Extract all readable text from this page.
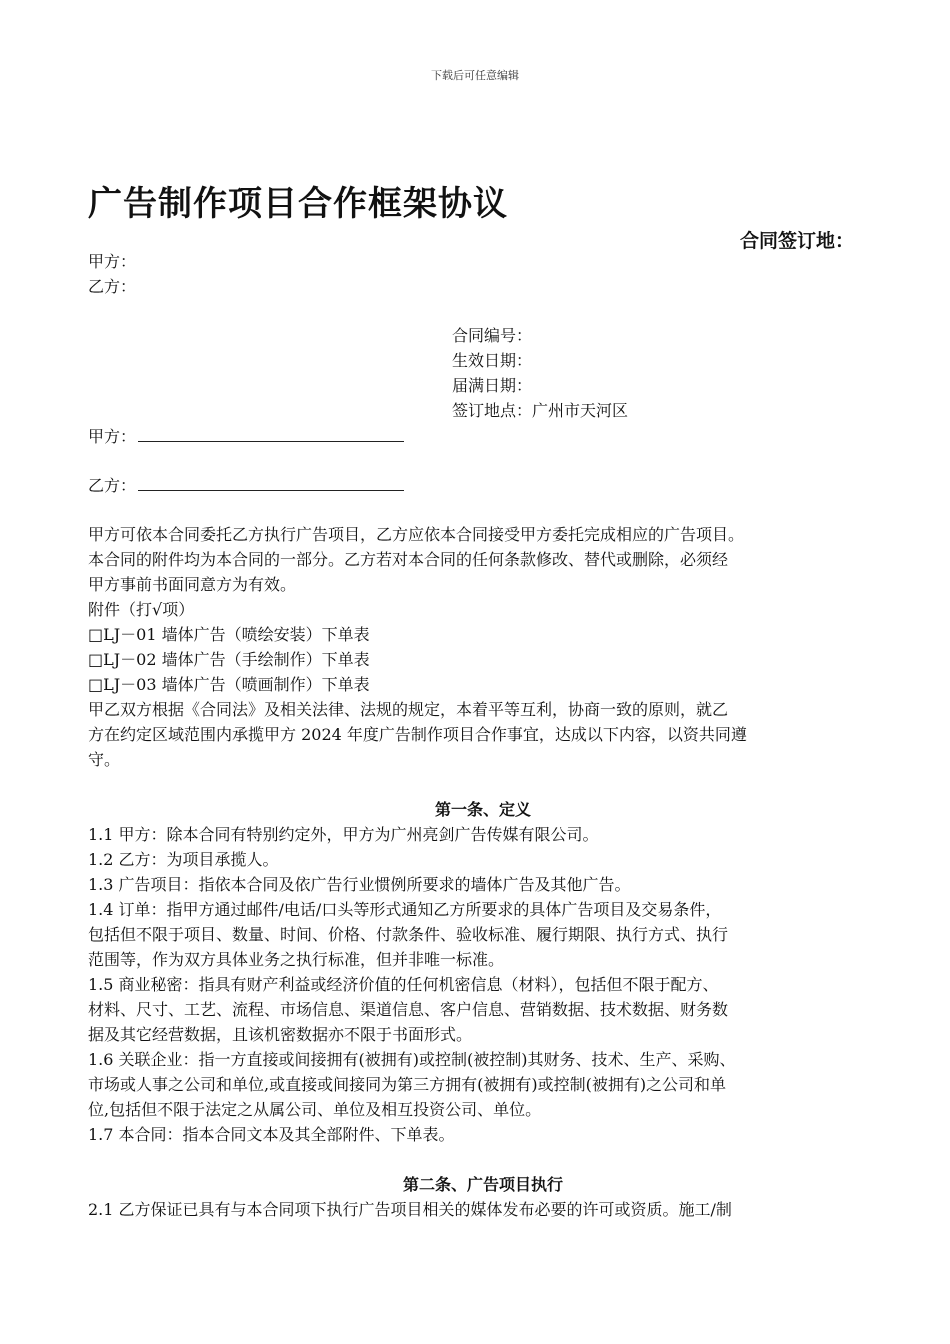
下载后可任意编辑
广告制作项目合作框架协议
合同签订地：
甲方：
乙方：
合同编号：
生效日期：
届满日期：
签订地点：广州市天河区
甲方：
乙方：

甲方可依本合同委托乙方执行广告项目，乙方应依本合同接受甲方委托完成相应的广告项目。

本合同的附件均为本合同的一部分。乙方若对本合同的任何条款修改、替代或删除，必须经

甲方事前书面同意方为有效。

附件（打√项）

□LJ－01 墙体广告（喷绘安装）下单表

□LJ－02 墙体广告（手绘制作）下单表

□LJ－03 墙体广告（喷画制作）下单表

甲乙双方根据《合同法》及相关法律、法规的规定，本着平等互利，协商一致的原则，就乙

方在约定区域范围内承揽甲方 2024 年度广告制作项目合作事宜，达成以下内容，以资共同遵

守。

第一条、定义

1.1 甲方：除本合同有特别约定外，甲方为广州亮剑广告传媒有限公司。

1.2 乙方：为项目承揽人。

1.3 广告项目：指依本合同及依广告行业惯例所要求的墙体广告及其他广告。

1.4 订单：指甲方通过邮件/电话/口头等形式通知乙方所要求的具体广告项目及交易条件，

包括但不限于项目、数量、时间、价格、付款条件、验收标准、履行期限、执行方式、执行

范围等，作为双方具体业务之执行标准，但并非唯一标准。

1.5 商业秘密：指具有财产利益或经济价值的任何机密信息（材料），包括但不限于配方、

材料、尺寸、工艺、流程、市场信息、渠道信息、客户信息、营销数据、技术数据、财务数

据及其它经营数据，且该机密数据亦不限于书面形式。

1.6 关联企业：指一方直接或间接拥有(被拥有)或控制(被控制)其财务、技术、生产、采购、

市场或人事之公司和单位,或直接或间接同为第三方拥有(被拥有)或控制(被拥有)之公司和单

位,包括但不限于法定之从属公司、单位及相互投资公司、单位。

1.7 本合同：指本合同文本及其全部附件、下单表。

第二条、广告项目执行

2.1 乙方保证已具有与本合同项下执行广告项目相关的媒体发布必要的许可或资质。施工/制
